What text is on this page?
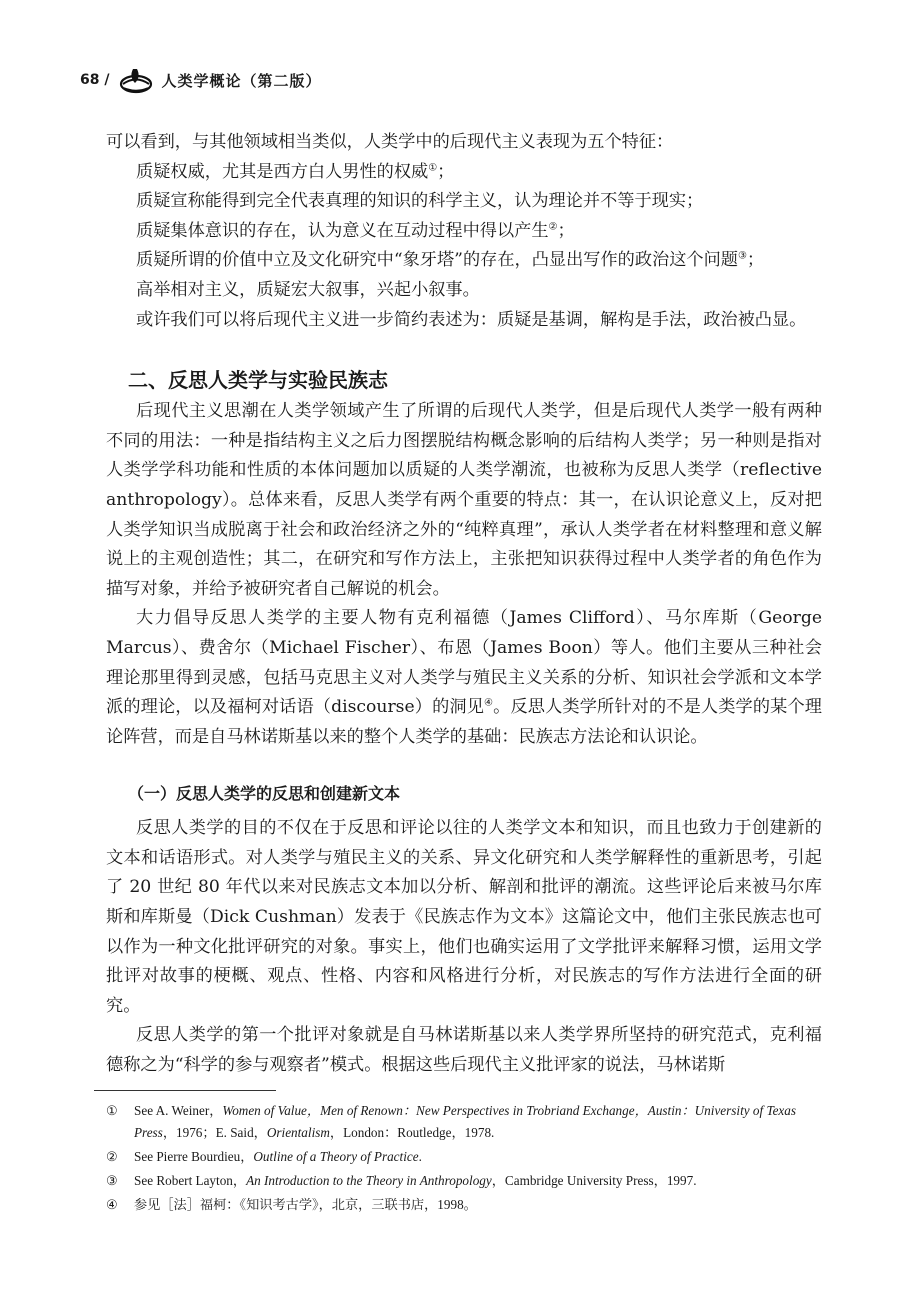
68 /	人类学概论（第二版）

可以看到，与其他领域相当类似，人类学中的后现代主义表现为五个特征：

质疑权威，尤其是西方白人男性的权威①；

质疑宣称能得到完全代表真理的知识的科学主义，认为理论并不等于现实；

质疑集体意识的存在，认为意义在互动过程中得以产生②；

质疑所谓的价值中立及文化研究中“象牙塔”的存在，凸显出写作的政治这个问题③；

高举相对主义，质疑宏大叙事，兴起小叙事。

或许我们可以将后现代主义进一步简约表述为：质疑是基调，解构是手法，政治被凸显。

二、反思人类学与实验民族志

后现代主义思潮在人类学领域产生了所谓的后现代人类学，但是后现代人类学一般有两种不同的用法：一种是指结构主义之后力图摆脱结构概念影响的后结构人类学；另一种则是指对人类学学科功能和性质的本体问题加以质疑的人类学潮流，也被称为反思人类学（reflective anthropology）。总体来看，反思人类学有两个重要的特点：其一，在认识论意义上，反对把人类学知识当成脱离于社会和政治经济之外的“纯粹真理”，承认人类学者在材料整理和意义解说上的主观创造性；其二，在研究和写作方法上，主张把知识获得过程中人类学者的角色作为描写对象，并给予被研究者自己解说的机会。

大力倡导反思人类学的主要人物有克利福德（James Clifford）、马尔库斯（George Marcus）、费舍尔（Michael Fischer）、布恩（James Boon）等人。他们主要从三种社会理论那里得到灵感，包括马克思主义对人类学与殖民主义关系的分析、知识社会学派和文本学派的理论，以及福柯对话语（discourse）的洞见④。反思人类学所针对的不是人类学的某个理论阵营，而是自马林诺斯基以来的整个人类学的基础：民族志方法论和认识论。

（一）反思人类学的反思和创建新文本

反思人类学的目的不仅在于反思和评论以往的人类学文本和知识，而且也致力于创建新的文本和话语形式。对人类学与殖民主义的关系、异文化研究和人类学解释性的重新思考，引起了 20 世纪 80 年代以来对民族志文本加以分析、解剖和批评的潮流。这些评论后来被马尔库斯和库斯曼（Dick Cushman）发表于《民族志作为文本》这篇论文中，他们主张民族志也可以作为一种文化批评研究的对象。事实上，他们也确实运用了文学批评来解释习惯，运用文学批评对故事的梗概、观点、性格、内容和风格进行分析，对民族志的写作方法进行全面的研究。

反思人类学的第一个批评对象就是自马林诺斯基以来人类学界所坚持的研究范式，克利福德称之为“科学的参与观察者”模式。根据这些后现代主义批评家的说法，马林诺斯

①	See A. Weiner，Women of Value，Men of Renown：New Perspectives in Trobriand Exchange，Austin：University of Texas Press，1976；E. Said，Orientalism，London：Routledge，1978.
②	See Pierre Bourdieu，Outline of a Theory of Practice.
③	See Robert Layton，An Introduction to the Theory in Anthropology，Cambridge University Press，1997.
④	参见［法］福柯：《知识考古学》，北京，三联书店，1998。
